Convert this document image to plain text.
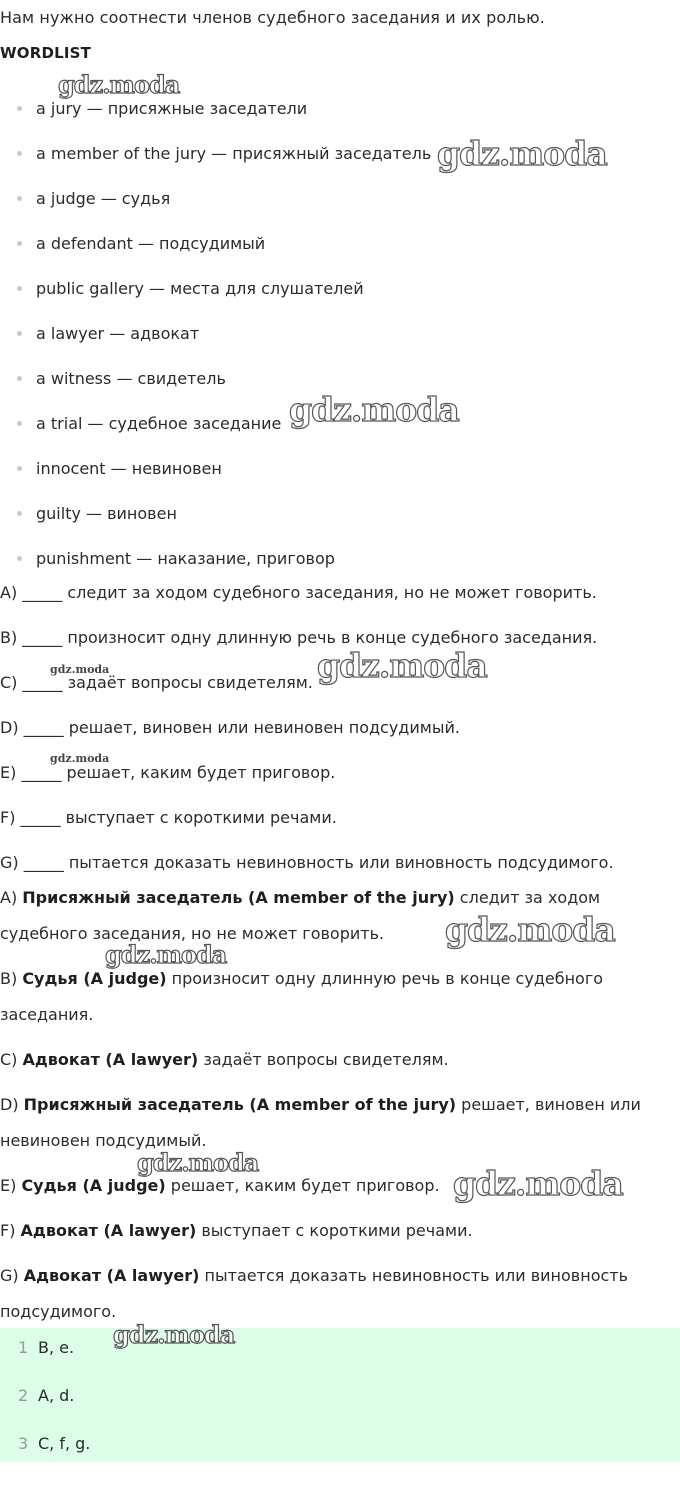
Нам нужно соотнести членов судебного заседания и их ролью.
WORDLIST
a jury — присяжные заседатели
a member of the jury — присяжный заседатель
a judge — судья
a defendant — подсудимый
public gallery — места для слушателей
a lawyer — адвокат
a witness — свидетель
a trial — судебное заседание
innocent — невиновен
guilty — виновен
punishment — наказание, приговор
A) _____ следит за ходом судебного заседания, но не может говорить.
B) _____ произносит одну длинную речь в конце судебного заседания.
C) _____ задаёт вопросы свидетелям.
D) _____ решает, виновен или невиновен подсудимый.
E) _____ решает, каким будет приговор.
F) _____ выступает с короткими речами.
G) _____ пытается доказать невиновность или виновность подсудимого.
A) Присяжный заседатель (A member of the jury) следит за ходом судебного заседания, но не может говорить.
B) Судья (A judge) произносит одну длинную речь в конце судебного заседания.
C) Адвокат (A lawyer) задаёт вопросы свидетелям.
D) Присяжный заседатель (A member of the jury) решает, виновен или невиновен подсудимый.
E) Судья (A judge) решает, каким будет приговор.
F) Адвокат (A lawyer) выступает с короткими речами.
G) Адвокат (A lawyer) пытается доказать невиновность или виновность подсудимого.
1 B, e.
2 A, d.
3 C, f, g.
gdz.moda
gdz.moda
gdz.moda
gdz.moda	gdz.moda
gdz.moda
gdz.moda
gdz.moda
gdz.moda
gdz.moda
gdz.moda
